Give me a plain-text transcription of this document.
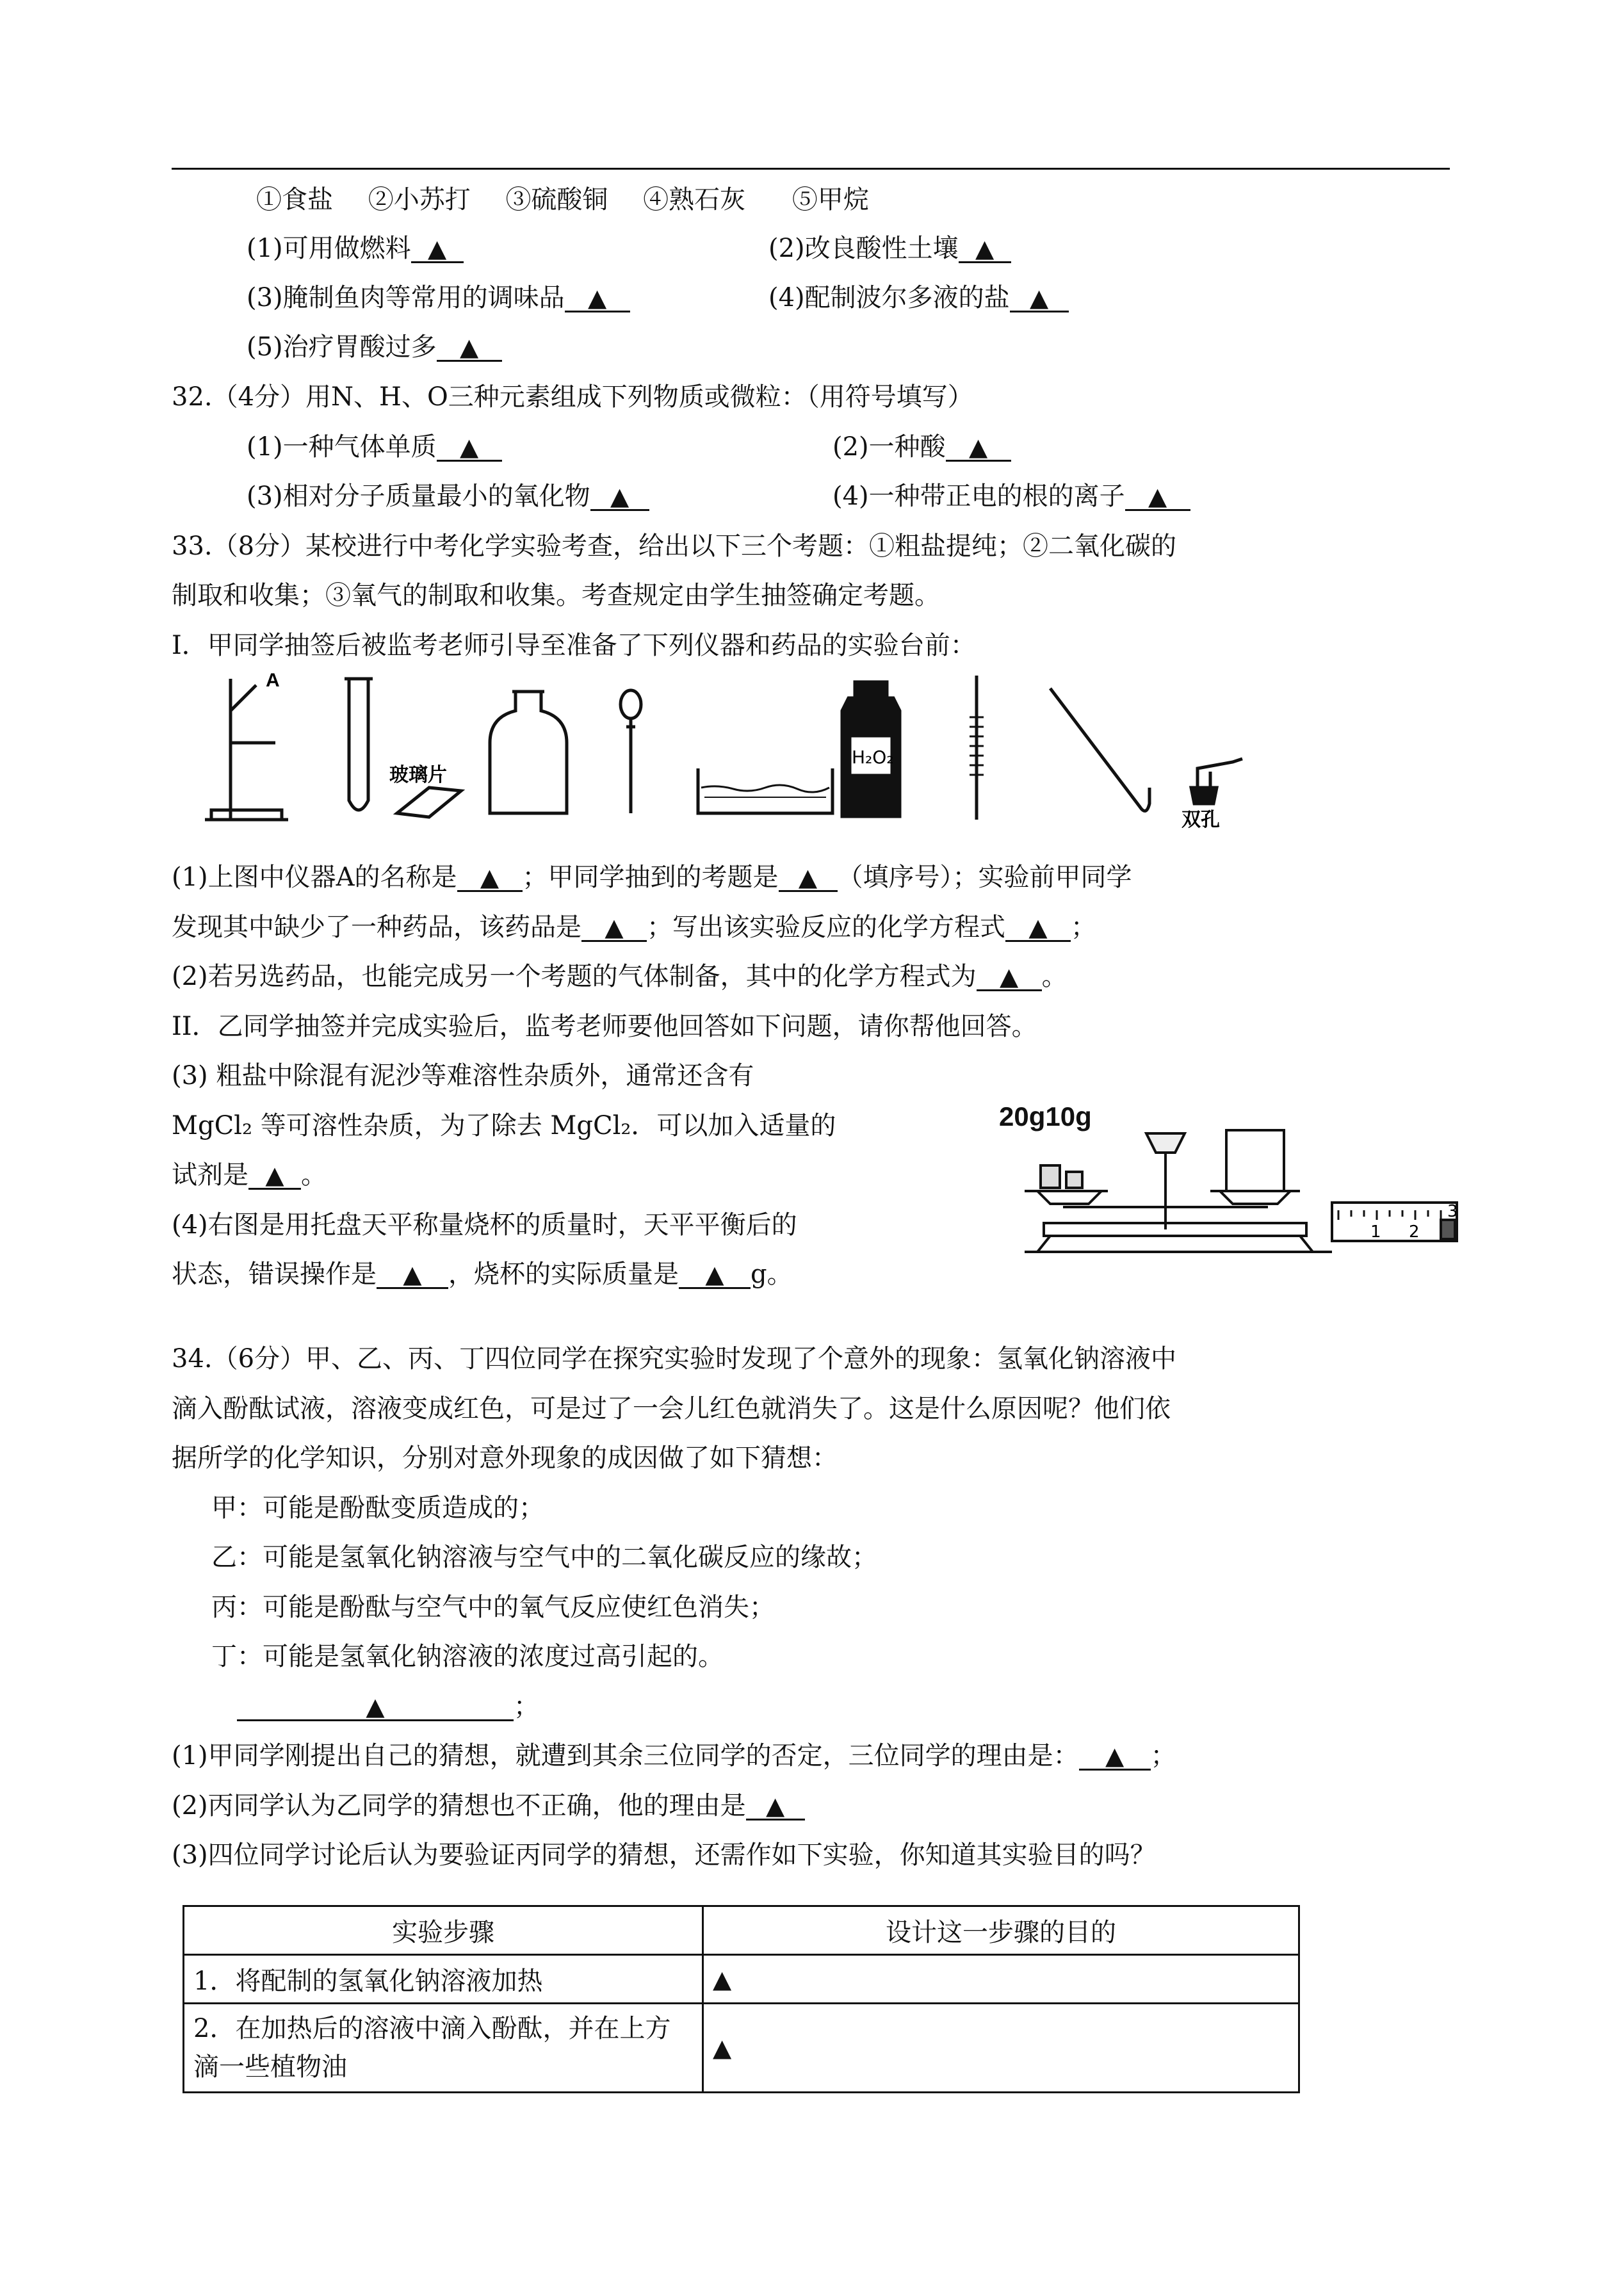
①食盐 ②小苏打 ③硫酸铜 ④熟石灰 ⑤甲烷
(1)可用做燃料 ▲	(2)改良酸性土壤 ▲
(3)腌制鱼肉等常用的调味品 ▲	(4)配制波尔多液的盐 ▲
(5)治疗胃酸过多 ▲
32.（4分）用N、H、O三种元素组成下列物质或微粒：（用符号填写）
(1)一种气体单质 ▲	(2)一种酸 ▲
(3)相对分子质量最小的氧化物 ▲	(4)一种带正电的根的离子 ▲
33.（8分）某校进行中考化学实验考查，给出以下三个考题：①粗盐提纯；②二氧化碳的
制取和收集；③氧气的制取和收集。考查规定由学生抽签确定考题。
I．甲同学抽签后被监考老师引导至准备了下列仪器和药品的实验台前：
A
玻璃片
H₂O₂
双孔
(1)上图中仪器A的名称是 ▲ ；甲同学抽到的考题是 ▲ （填序号）；实验前甲同学
发现其中缺少了一种药品，该药品是 ▲ ；写出该实验反应的化学方程式 ▲ ；
(2)若另选药品，也能完成另一个考题的气体制备，其中的化学方程式为 ▲ 。
II．乙同学抽签并完成实验后，监考老师要他回答如下问题，请你帮他回答。
(3) 粗盐中除混有泥沙等难溶性杂质外，通常还含有
MgCl₂ 等可溶性杂质，为了除去 MgCl₂．可以加入适量的
试剂是 ▲ 。
(4)右图是用托盘天平称量烧杯的质量时，天平平衡后的
状态，错误操作是 ▲ ，烧杯的实际质量是 ▲ g。
20g10g
1 2
3
34.（6分）甲、乙、丙、丁四位同学在探究实验时发现了个意外的现象：氢氧化钠溶液中
滴入酚酞试液，溶液变成红色，可是过了一会儿红色就消失了。这是什么原因呢？他们依
据所学的化学知识，分别对意外现象的成因做了如下猜想：
甲：可能是酚酞变质造成的；
乙：可能是氢氧化钠溶液与空气中的二氧化碳反应的缘故；
丙：可能是酚酞与空气中的氧气反应使红色消失；
丁：可能是氢氧化钠溶液的浓度过高引起的。
▲	；
(1)甲同学刚提出自己的猜想，就遭到其余三位同学的否定，三位同学的理由是： ▲ ；
(2)丙同学认为乙同学的猜想也不正确，他的理由是 ▲
(3)四位同学讨论后认为要验证丙同学的猜想，还需作如下实验，你知道其实验目的吗？
实验步骤	设计这一步骤的目的
1．将配制的氢氧化钠溶液加热	▲
2．在加热后的溶液中滴入酚酞，并在上方滴一些植物油	▲
